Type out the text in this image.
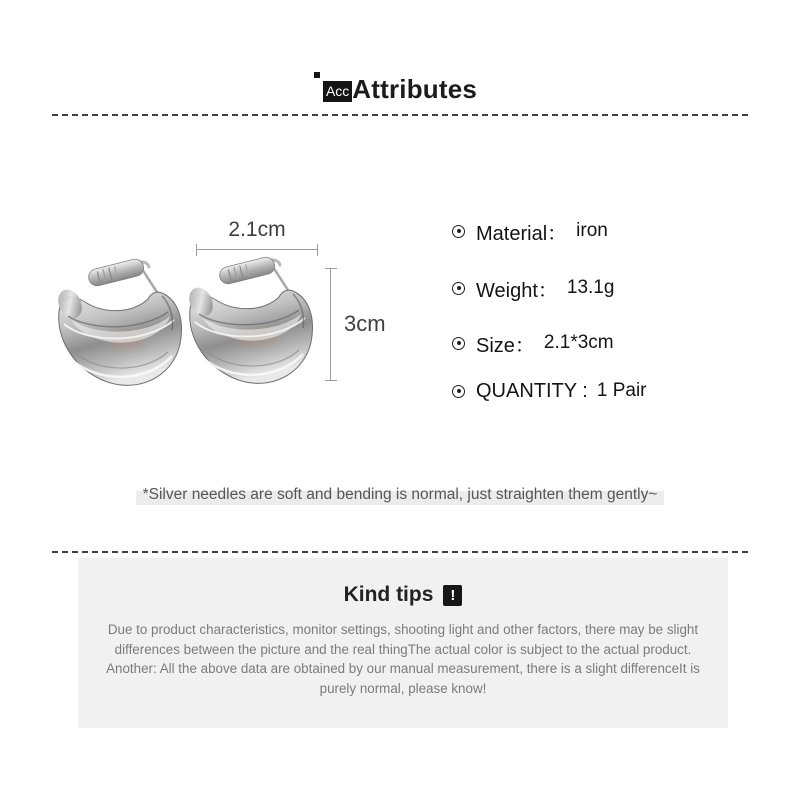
Acc Attributes
2.1cm
3cm
Material： iron
Weight： 13.1g
Size： 2.1*3cm
QUANTITY : 1 Pair
*Silver needles are soft and bending is normal, just straighten them gently~
Kind tips	!
Due to product characteristics, monitor settings, shooting light and other factors, there may be slight
differences between the picture and the real thingThe actual color is subject to the actual product.
Another: All the above data are obtained by our manual measurement, there is a slight differenceIt is
purely normal, please know!
